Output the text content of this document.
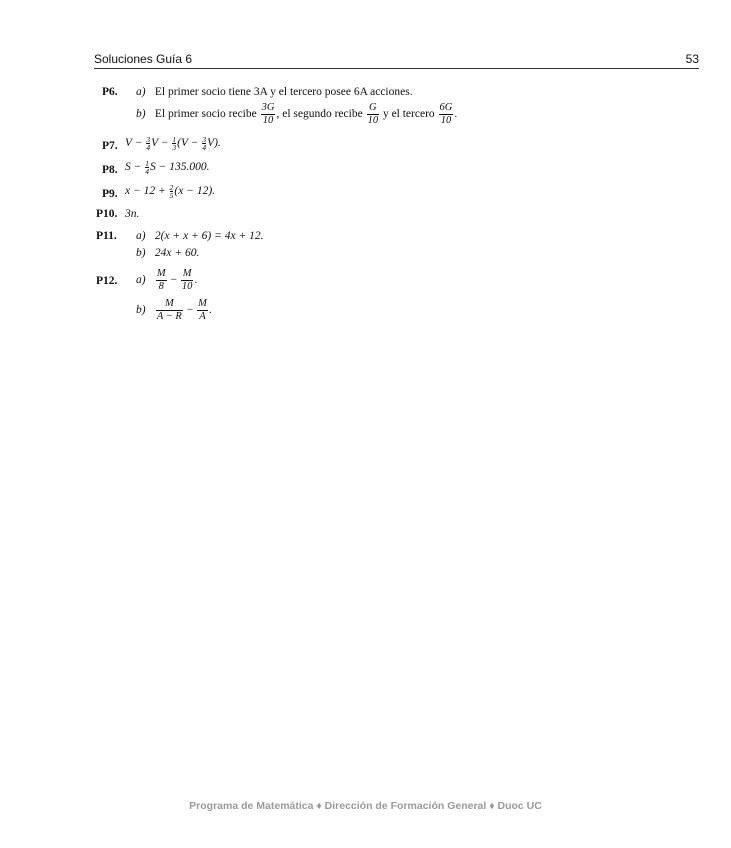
Soluciones Guía 6	53
P6. a) El primer socio tiene 3A y el tercero posee 6A acciones.
b) El primer socio recibe $\frac{3G}{10}$ , el segundo recibe $\frac{G}{10}$ y el tercero $\frac{6G}{10}$ .
P7. $V - \frac{3}{4}$ $V - \frac{1}{3} (V - \frac{3}{4} V)$.
P8. $S - \frac{1}{4}$ S − 135.000.
P9. $x - 12 + \frac{2}{5} (x - 12)$.
P10. 3n.
P11. a) 2(x + x + 6) = 4x + 12.
b) 24x + 60.
P12. $a) \frac{M}{8} - \frac{M}{10}$ .
$b) \frac{M}{A - R} - \frac{M}{A}$ .
Programa de Matemática ♦ Dirección de Formación General ♦ Duoc UC
